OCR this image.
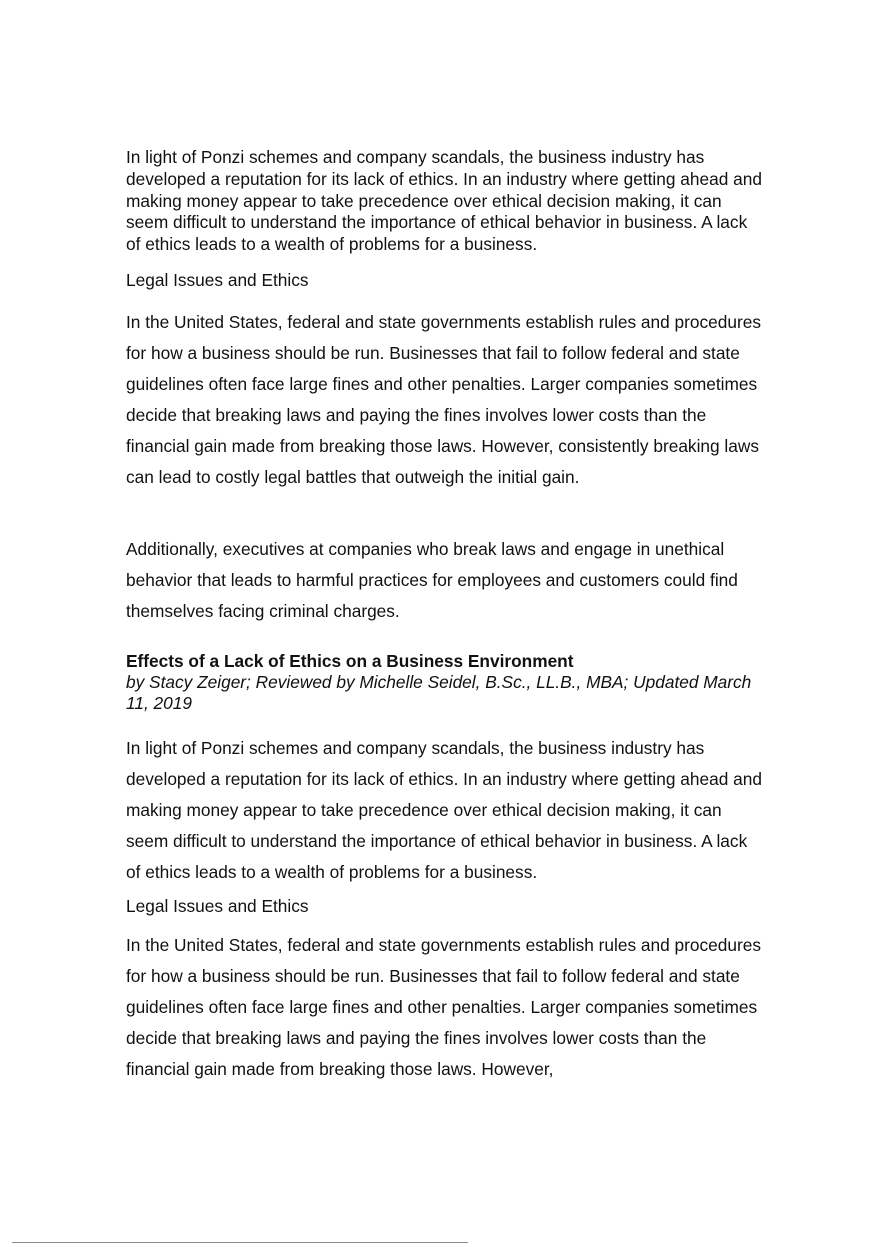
In light of Ponzi schemes and company scandals, the business industry has developed a reputation for its lack of ethics. In an industry where getting ahead and making money appear to take precedence over ethical decision making, it can seem difficult to understand the importance of ethical behavior in business. A lack of ethics leads to a wealth of problems for a business.

Legal Issues and Ethics

In the United States, federal and state governments establish rules and procedures for how a business should be run. Businesses that fail to follow federal and state guidelines often face large fines and other penalties. Larger companies sometimes decide that breaking laws and paying the fines involves lower costs than the financial gain made from breaking those laws. However, consistently breaking laws can lead to costly legal battles that outweigh the initial gain.

Additionally, executives at companies who break laws and engage in unethical behavior that leads to harmful practices for employees and customers could find themselves facing criminal charges.

Effects of a Lack of Ethics on a Business Environment
by Stacy Zeiger; Reviewed by Michelle Seidel, B.Sc., LL.B., MBA; Updated March 11, 2019

In light of Ponzi schemes and company scandals, the business industry has developed a reputation for its lack of ethics. In an industry where getting ahead and making money appear to take precedence over ethical decision making, it can seem difficult to understand the importance of ethical behavior in business. A lack of ethics leads to a wealth of problems for a business.

Legal Issues and Ethics

In the United States, federal and state governments establish rules and procedures for how a business should be run. Businesses that fail to follow federal and state guidelines often face large fines and other penalties. Larger companies sometimes decide that breaking laws and paying the fines involves lower costs than the financial gain made from breaking those laws. However,
